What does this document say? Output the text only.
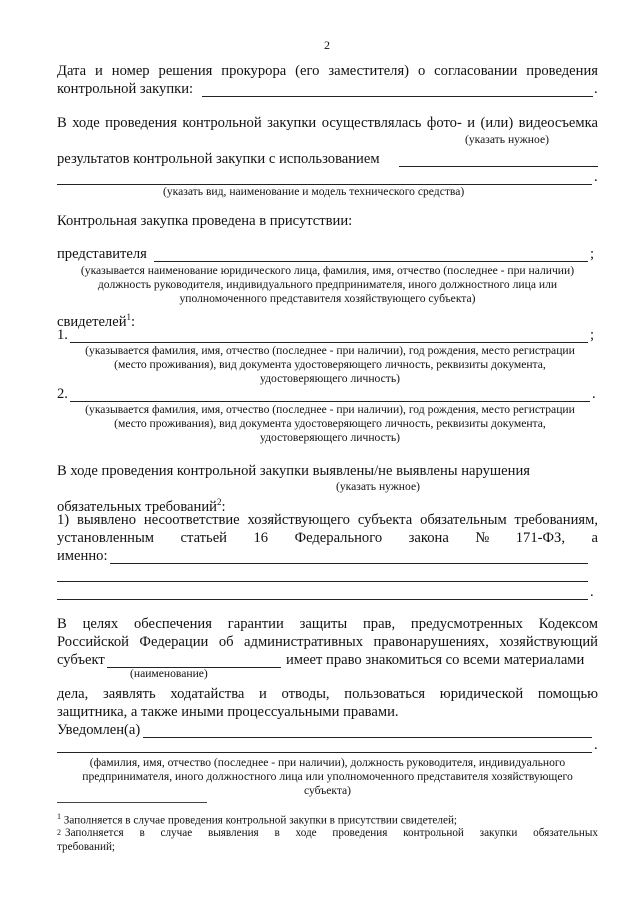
2
Дата и номер решения прокурора (его заместителя) о согласовании проведения
контрольной закупки:	.
В ходе проведения контрольной закупки осуществлялась фото- и (или) видеосъемка
(указать нужное)
результатов контрольной закупки с использованием
.
(указать вид, наименование и модель технического средства)
Контрольная закупка проведена в присутствии:
представителя	;
(указывается наименование юридического лица, фамилия, имя, отчество (последнее - при наличии) должность руководителя, индивидуального предпринимателя, иного должностного лица или уполномоченного представителя хозяйствующего субъекта)
свидетелей$^1$:
1.	;
(указывается фамилия, имя, отчество (последнее - при наличии), год рождения, место регистрации (место проживания), вид документа удостоверяющего личность, реквизиты документа, удостоверяющего личность)
2.	.
(указывается фамилия, имя, отчество (последнее - при наличии), год рождения, место регистрации (место проживания), вид документа удостоверяющего личность, реквизиты документа, удостоверяющего личность)
В ходе проведения контрольной закупки выявлены/не выявлены нарушения
(указать нужное)
обязательных требований$^2$:
1) выявлено несоответствие хозяйствующего субъекта обязательным требованиям,
установленным статьей 16 Федерального закона № 171-ФЗ, а
именно:
.
В целях обеспечения гарантии защиты прав, предусмотренных Кодексом
Российской Федерации об административных правонарушениях, хозяйствующий
субъект	имеет право знакомиться со всеми материалами
(наименование)
дела, заявлять ходатайства и отводы, пользоваться юридической помощью
защитника, а также иными процессуальными правами.
Уведомлен(а)
.
(фамилия, имя, отчество (последнее - при наличии), должность руководителя, индивидуального предпринимателя, иного должностного лица или уполномоченного представителя хозяйствующего субъекта)
$^1$ Заполняется в случае проведения контрольной закупки в присутствии свидетелей;
$^2$ Заполняется в случае выявления в ходе проведения контрольной закупки обязательных
требований;
